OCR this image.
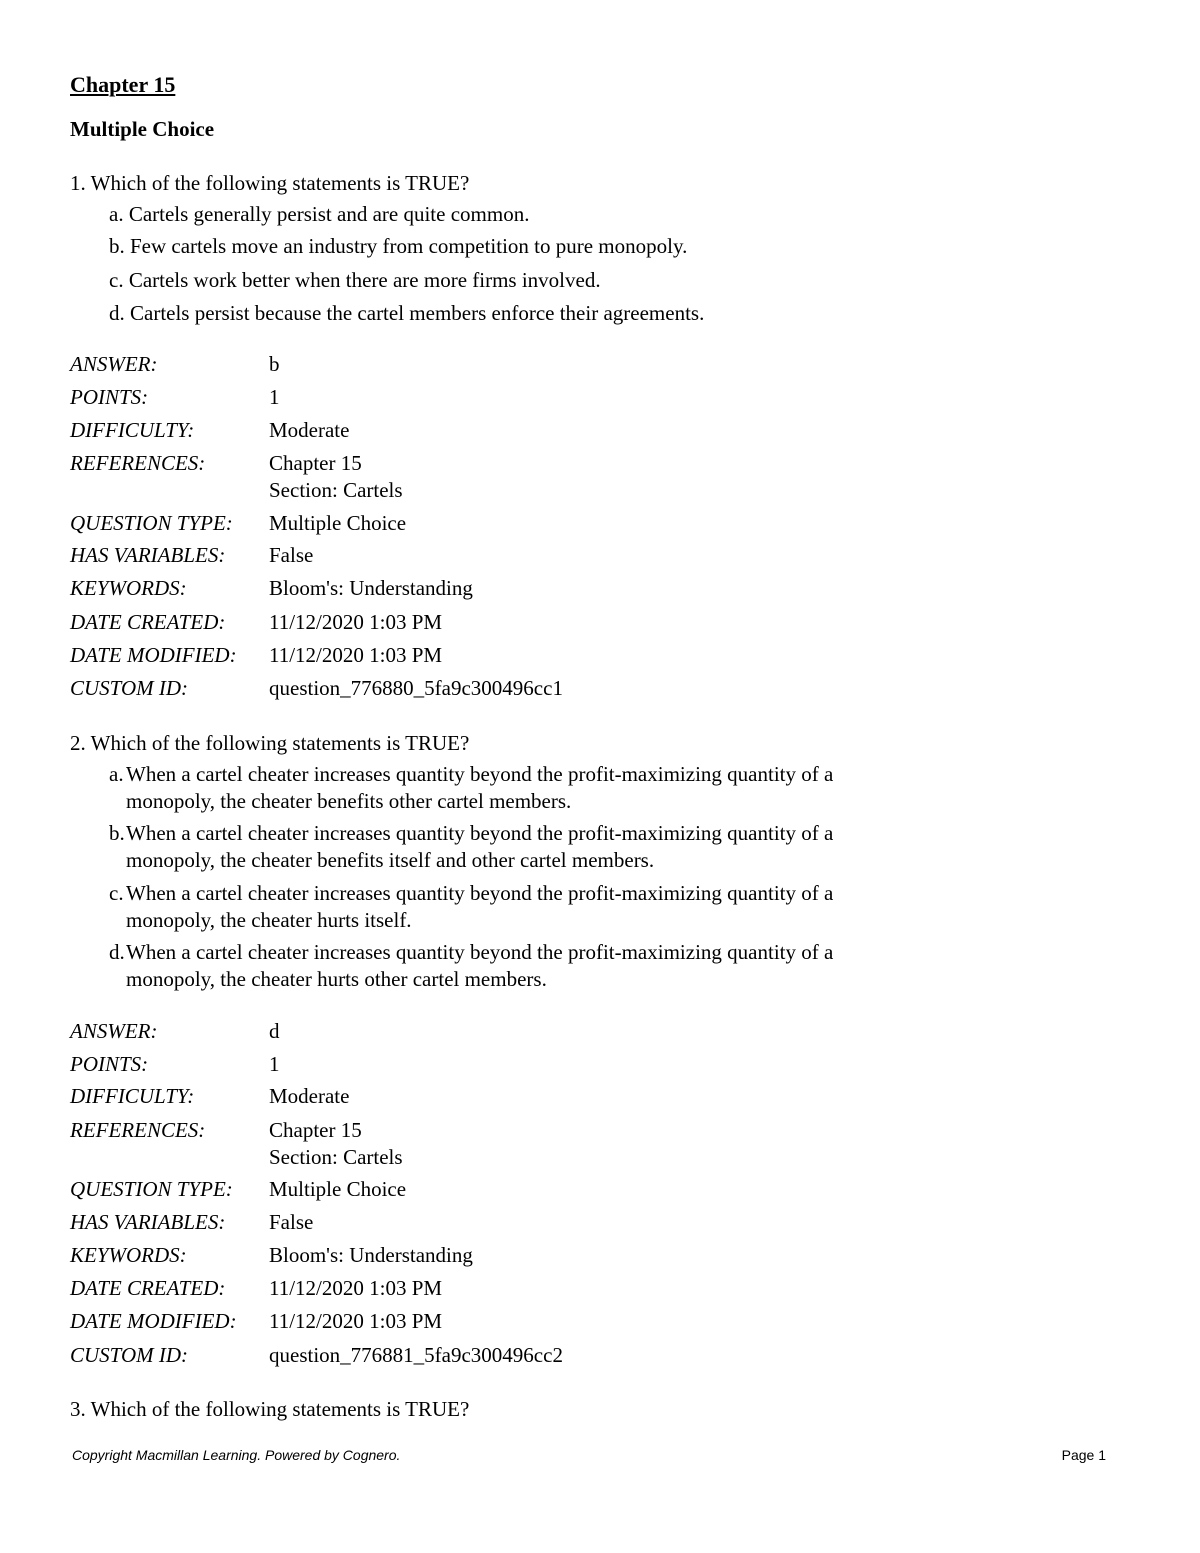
Chapter 15
Multiple Choice

1. Which of the following statements is TRUE?

a. Cartels generally persist and are quite common.

b. Few cartels move an industry from competition to pure monopoly.

c. Cartels work better when there are more firms involved.

d. Cartels persist because the cartel members enforce their agreements.

ANSWER:	b
POINTS:	1
DIFFICULTY:	Moderate
REFERENCES:	Chapter 15
Section: Cartels
QUESTION TYPE:	Multiple Choice
HAS VARIABLES:	False
KEYWORDS:	Bloom's: Understanding
DATE CREATED:	11/12/2020 1:03 PM
DATE MODIFIED:	11/12/2020 1:03 PM
CUSTOM ID:	question_776880_5fa9c300496cc1

2. Which of the following statements is TRUE?

a. When a cartel cheater increases quantity beyond the profit-maximizing quantity of a monopoly, the cheater benefits other cartel members.

b. When a cartel cheater increases quantity beyond the profit-maximizing quantity of a monopoly, the cheater benefits itself and other cartel members.

c. When a cartel cheater increases quantity beyond the profit-maximizing quantity of a monopoly, the cheater hurts itself.

d. When a cartel cheater increases quantity beyond the profit-maximizing quantity of a monopoly, the cheater hurts other cartel members.

ANSWER:	d
POINTS:	1
DIFFICULTY:	Moderate
REFERENCES:	Chapter 15
Section: Cartels
QUESTION TYPE:	Multiple Choice
HAS VARIABLES:	False
KEYWORDS:	Bloom's: Understanding
DATE CREATED:	11/12/2020 1:03 PM
DATE MODIFIED:	11/12/2020 1:03 PM
CUSTOM ID:	question_776881_5fa9c300496cc2

3. Which of the following statements is TRUE?

Copyright Macmillan Learning. Powered by Cognero.	Page 1
